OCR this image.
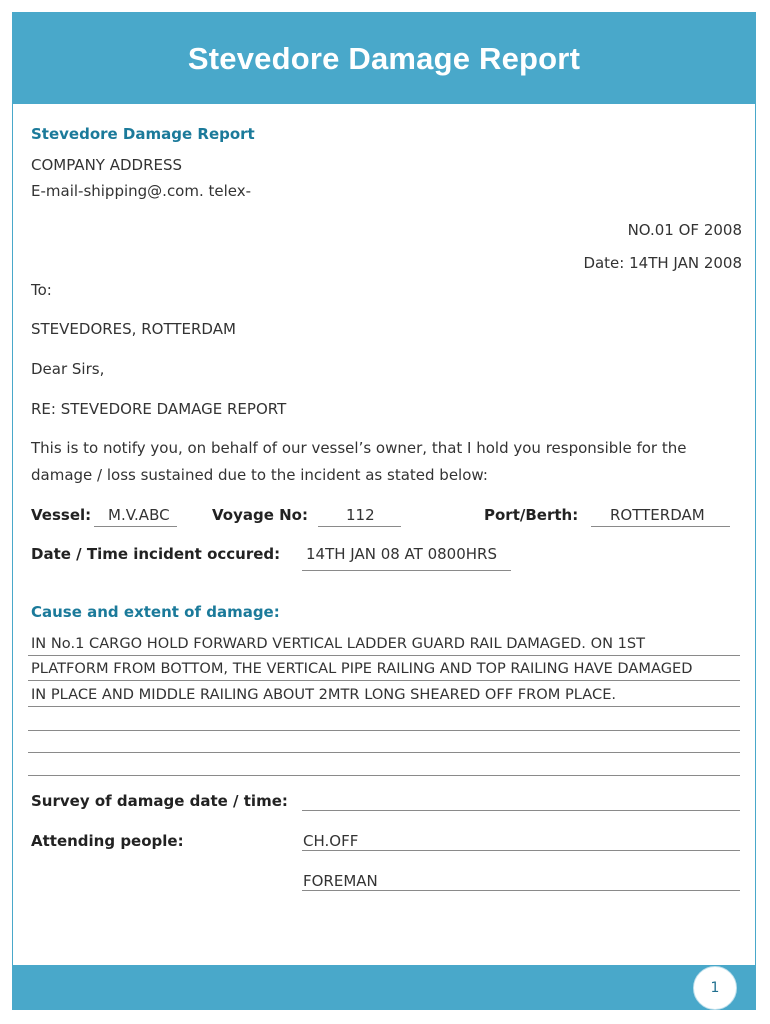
Stevedore Damage Report
1
Stevedore Damage Report
COMPANY ADDRESS
E-mail-shipping@.com. telex-
NO.01 OF 2008
Date: 14TH JAN 2008
To:
STEVEDORES, ROTTERDAM
Dear Sirs,
RE: STEVEDORE DAMAGE REPORT
This is to notify you, on behalf of our vessel’s owner, that I hold you responsible for the
damage / loss sustained due to the incident as stated below:
Vessel: M.V.ABC	Voyage No:	112	Port/Berth: ROTTERDAM
Date / Time incident occured: 14TH JAN 08 AT 0800HRS
Cause and extent of damage:
IN No.1 CARGO HOLD FORWARD VERTICAL LADDER GUARD RAIL DAMAGED. ON 1ST
PLATFORM FROM BOTTOM, THE VERTICAL PIPE RAILING AND TOP RAILING HAVE DAMAGED
IN PLACE AND MIDDLE RAILING ABOUT 2MTR LONG SHEARED OFF FROM PLACE.
Survey of damage date / time:
Attending people:	CH.OFF
FOREMAN
